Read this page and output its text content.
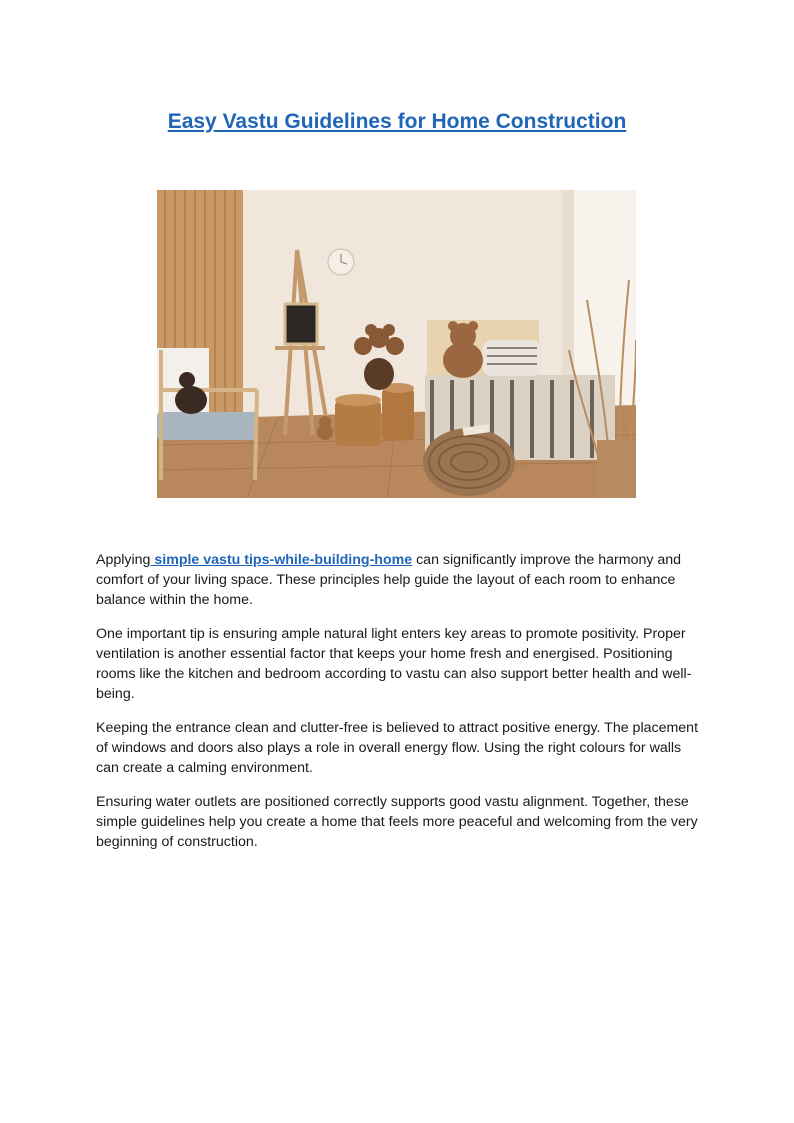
Easy Vastu Guidelines for Home Construction

Applying simple vastu tips-while-building-home can significantly improve the harmony and comfort of your living space. These principles help guide the layout of each room to enhance balance within the home.

One important tip is ensuring ample natural light enters key areas to promote positivity. Proper ventilation is another essential factor that keeps your home fresh and energised. Positioning rooms like the kitchen and bedroom according to vastu can also support better health and well-being.

Keeping the entrance clean and clutter-free is believed to attract positive energy. The placement of windows and doors also plays a role in overall energy flow. Using the right colours for walls can create a calming environment.

Ensuring water outlets are positioned correctly supports good vastu alignment. Together, these simple guidelines help you create a home that feels more peaceful and welcoming from the very beginning of construction.
